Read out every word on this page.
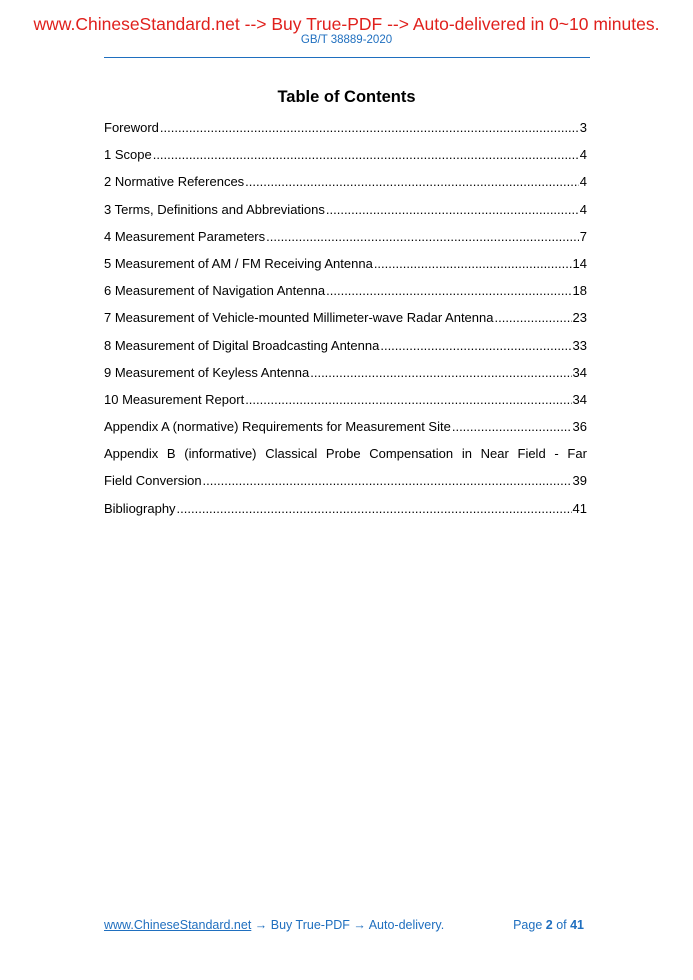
www.ChineseStandard.net --> Buy True-PDF --> Auto-delivered in 0~10 minutes.
GB/T 38889-2020
Table of Contents
Foreword .....	3
1 Scope .....	4
2 Normative References .....	4
3 Terms, Definitions and Abbreviations .....	4
4 Measurement Parameters .....	7
5 Measurement of AM / FM Receiving Antenna .....	14
6 Measurement of Navigation Antenna .....	18
7 Measurement of Vehicle-mounted Millimeter-wave Radar Antenna .....	23
8 Measurement of Digital Broadcasting Antenna .....	33
9 Measurement of Keyless Antenna .....	34
10 Measurement Report .....	34
Appendix A (normative) Requirements for Measurement Site .....	36
Appendix B (informative) Classical Probe Compensation in Near Field - Far
Field Conversion .....	39
Bibliography .....	41
www.ChineseStandard.net → Buy True-PDF → Auto-delivery.	Page 2 of 41
